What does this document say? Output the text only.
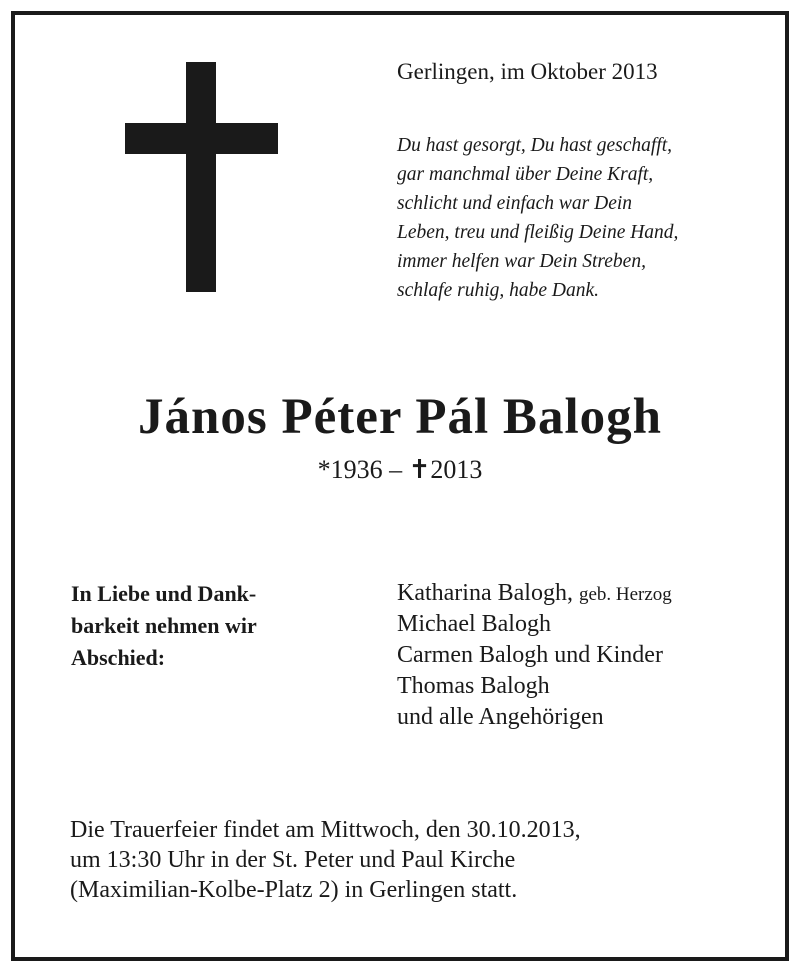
Gerlingen, im Oktober 2013
Du hast gesorgt, Du hast geschafft,
gar manchmal über Deine Kraft,
schlicht und einfach war Dein
Leben, treu und fleißig Deine Hand,
immer helfen war Dein Streben,
schlafe ruhig, habe Dank.
János Péter Pál Balogh
*1936 – ✝2013
In Liebe und Dank-
barkeit nehmen wir
Abschied:
Katharina Balogh, geb. Herzog
Michael Balogh
Carmen Balogh und Kinder
Thomas Balogh
und alle Angehörigen
Die Trauerfeier findet am Mittwoch, den 30.10.2013,
um 13:30 Uhr in der St. Peter und Paul Kirche
(Maximilian-Kolbe-Platz 2) in Gerlingen statt.
